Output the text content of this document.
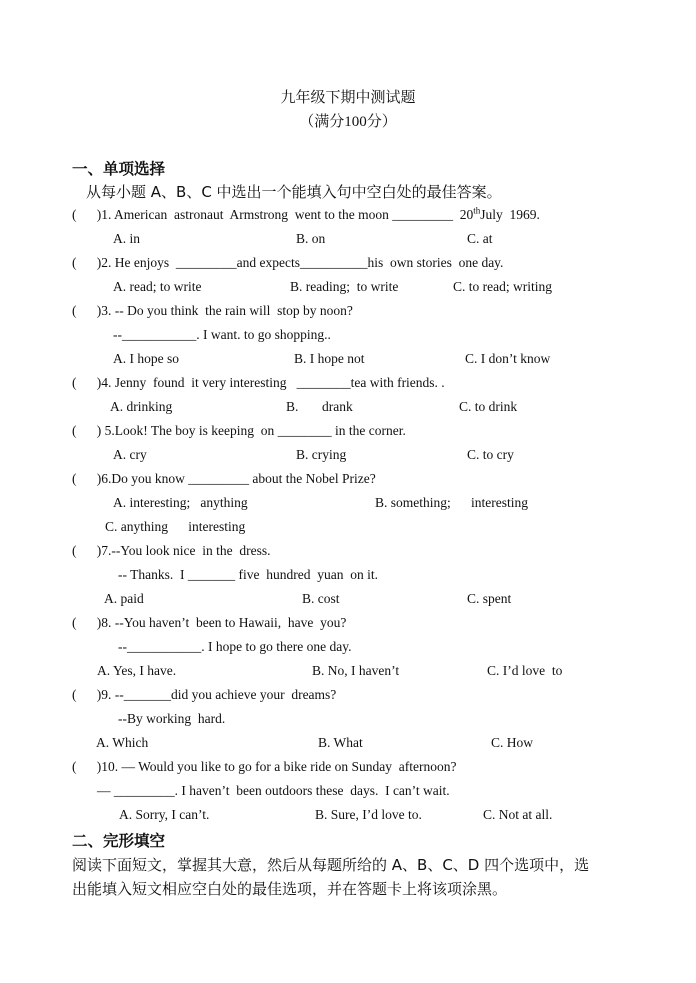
九年级下期中测试题
（满分100分）
一、单项选择
从每小题 A、B、C 中选出一个能填入句中空白处的最佳答案。
(      )1. American  astronaut  Armstrong  went to the moon _________  20thJuly  1969.
A. in	B. on	C. at
(      )2. He enjoys  _________and expects__________his  own stories  one day.
A. read; to write	B. reading;  to write	C. to read; writing
(      )3. -- Do you think  the rain will  stop by noon?
--___________. I want. to go shopping..
A. I hope so	B. I hope not	C. I don’t know
(      )4. Jenny  found  it very interesting   ________tea with friends. .
A. drinking	B.       drank	C. to drink
(      ) 5.Look! The boy is keeping  on ________ in the corner.
A. cry	B. crying	C. to cry
(      )6.Do you know _________ about the Nobel Prize?
A. interesting;   anything	B. something;      interesting
C. anything      interesting
(      )7.--You look nice  in the  dress.
-- Thanks.  I _______ five  hundred  yuan  on it.
A. paid	B. cost	C. spent
(      )8. --You haven’t  been to Hawaii,  have  you?
--___________. I hope to go there one day.
A. Yes, I have.	B. No, I haven’t	C. I’d love  to
(      )9. --_______did you achieve your  dreams?
--By working  hard.
A. Which	B. What	C. How
(      )10. — Would you like to go for a bike ride on Sunday  afternoon?
— _________. I haven’t  been outdoors these  days.  I can’t wait.
A. Sorry, I can’t.	B. Sure, I’d love to.	C. Not at all.
二、完形填空
阅读下面短文，掌握其大意，然后从每题所给的 A、B、C、D 四个选项中，选
出能填入短文相应空白处的最佳选项，并在答题卡上将该项涂黑。
